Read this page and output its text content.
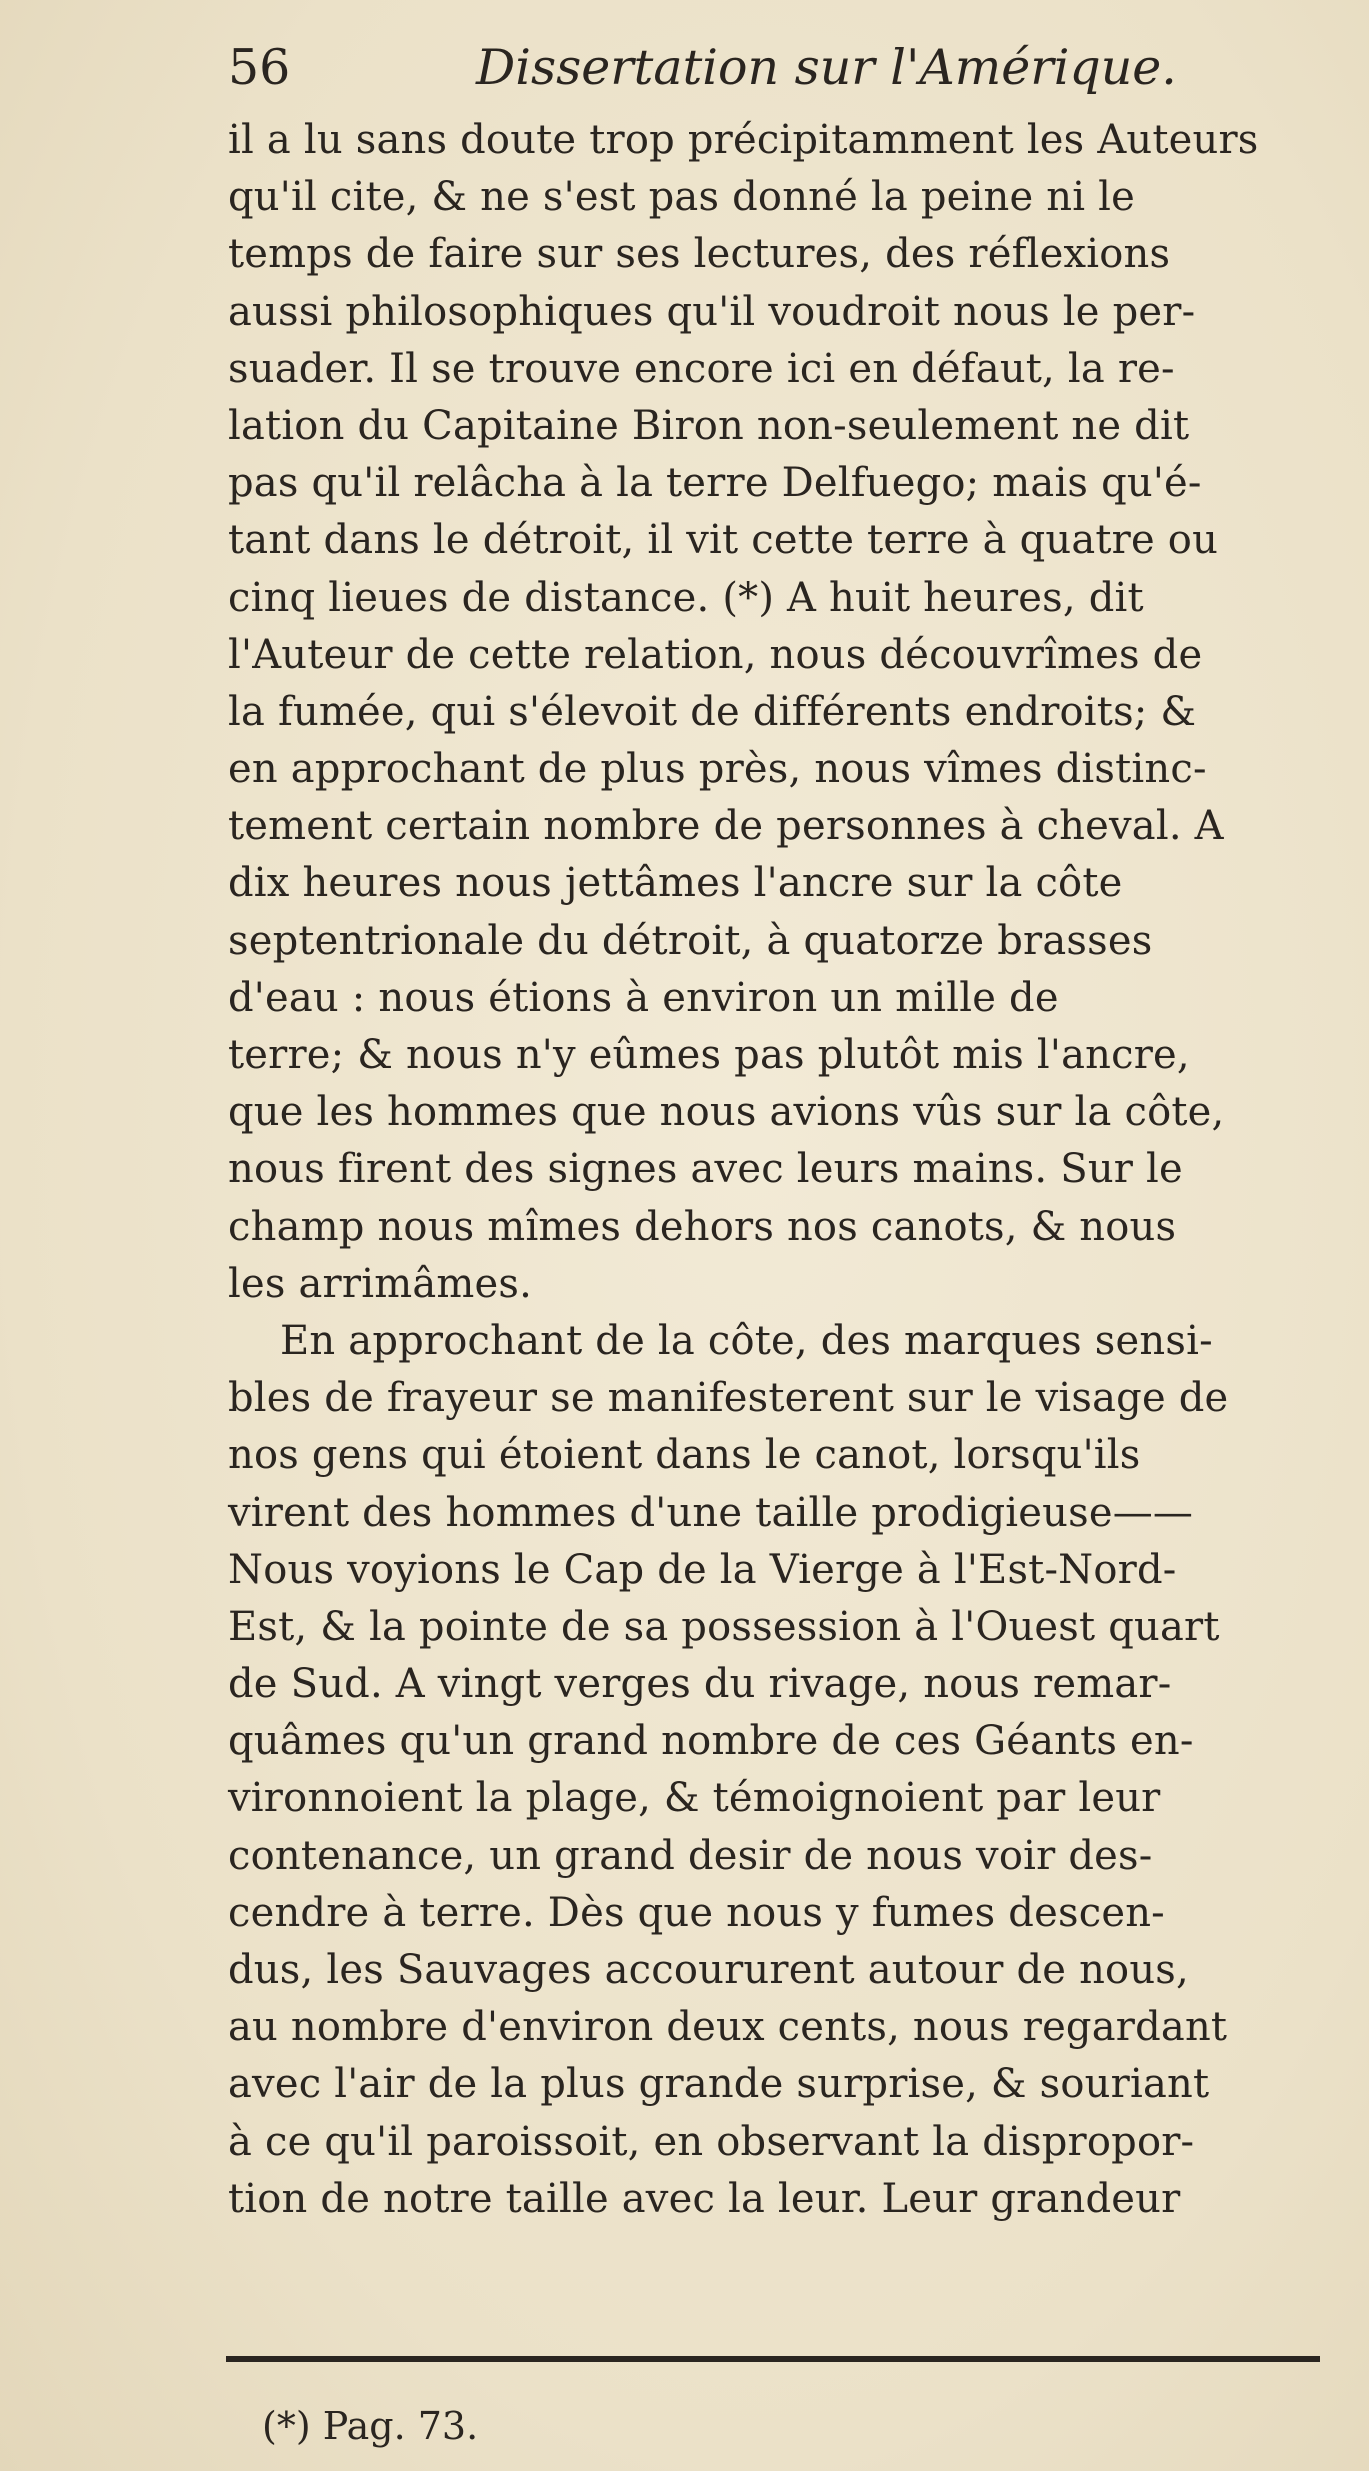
56	Dissertation sur l'Amérique.
il a lu sans doute trop précipitamment les Auteurs
qu'il cite, & ne s'est pas donné la peine ni le
temps de faire sur ses lectures, des réflexions
aussi philosophiques qu'il voudroit nous le per-
suader. Il se trouve encore ici en défaut, la re-
lation du Capitaine Biron non-seulement ne dit
pas qu'il relâcha à la terre Delfuego; mais qu'é-
tant dans le détroit, il vit cette terre à quatre ou
cinq lieues de distance. (*) A huit heures, dit
l'Auteur de cette relation, nous découvrîmes de
la fumée, qui s'élevoit de différents endroits; &
en approchant de plus près, nous vîmes distinc-
tement certain nombre de personnes à cheval. A
dix heures nous jettâmes l'ancre sur la côte
septentrionale du détroit, à quatorze brasses
d'eau : nous étions à environ un mille de
terre; & nous n'y eûmes pas plutôt mis l'ancre,
que les hommes que nous avions vûs sur la côte,
nous firent des signes avec leurs mains. Sur le
champ nous mîmes dehors nos canots, & nous
les arrimâmes.
En approchant de la côte, des marques sensi-
bles de frayeur se manifesterent sur le visage de
nos gens qui étoient dans le canot, lorsqu'ils
virent des hommes d'une taille prodigieuse——
Nous voyions le Cap de la Vierge à l'Est-Nord-
Est, & la pointe de sa possession à l'Ouest quart
de Sud. A vingt verges du rivage, nous remar-
quâmes qu'un grand nombre de ces Géants en-
vironnoient la plage, & témoignoient par leur
contenance, un grand desir de nous voir des-
cendre à terre. Dès que nous y fumes descen-
dus, les Sauvages accoururent autour de nous,
au nombre d'environ deux cents, nous regardant
avec l'air de la plus grande surprise, & souriant
à ce qu'il paroissoit, en observant la dispropor-
tion de notre taille avec la leur. Leur grandeur
(*) Pag. 73.
